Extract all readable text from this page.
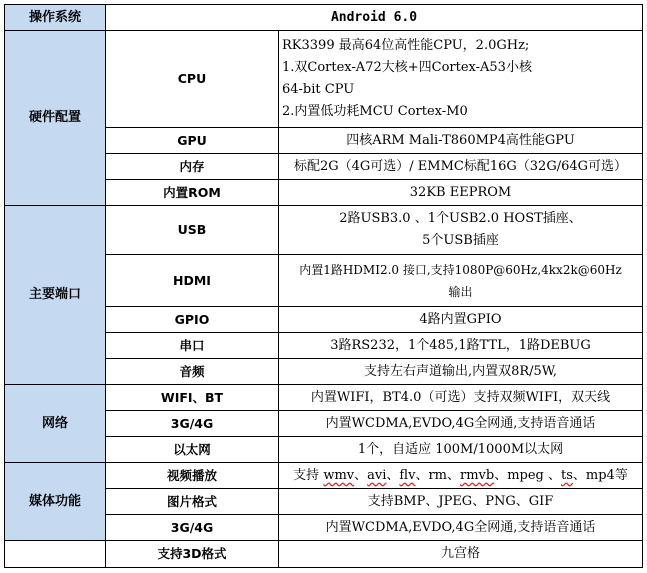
操作系统	Android 6.0	
硬件配置	CPU	RK3399 最高64位高性能CPU，2.0GHz;
1.双Cortex-A72大核+四Cortex-A53小核
64-bit CPU
2.内置低功耗MCU Cortex-M0

	GPU	四核ARM Mali-T860MP4高性能GPU
	内存	标配2G（4G可选）/ EMMC标配16G（32G/64G可选）
	内置ROM	32KB EEPROM
主要端口	USB	2路USB3.0 、1个USB2.0 HOST插座、
5个USB插座

	HDMI	内置1路HDMI2.0 接口,支持1080P@60Hz,4kx2k@60Hz
输出

	GPIO	4路内置GPIO
	串口	3路RS232，1个485,1路TTL，1路DEBUG
	音频	支持左右声道输出,内置双8R/5W,
网络	WIFI、BT	内置WIFI，BT4.0（可选）支持双频WIFI，双天线
	3G/4G	内置WCDMA,EVDO,4G全网通,支持语音通话
	以太网	1个，自适应 100M/1000M以太网
媒体功能	视频播放	支持 wmv、avi、flv、rm、rmvb、mpeg 、ts、mp4等
	图片格式	支持BMP、JPEG、PNG、GIF
	3G/4G	内置WCDMA,EVDO,4G全网通,支持语音通话
	支持3D格式	九宫格
